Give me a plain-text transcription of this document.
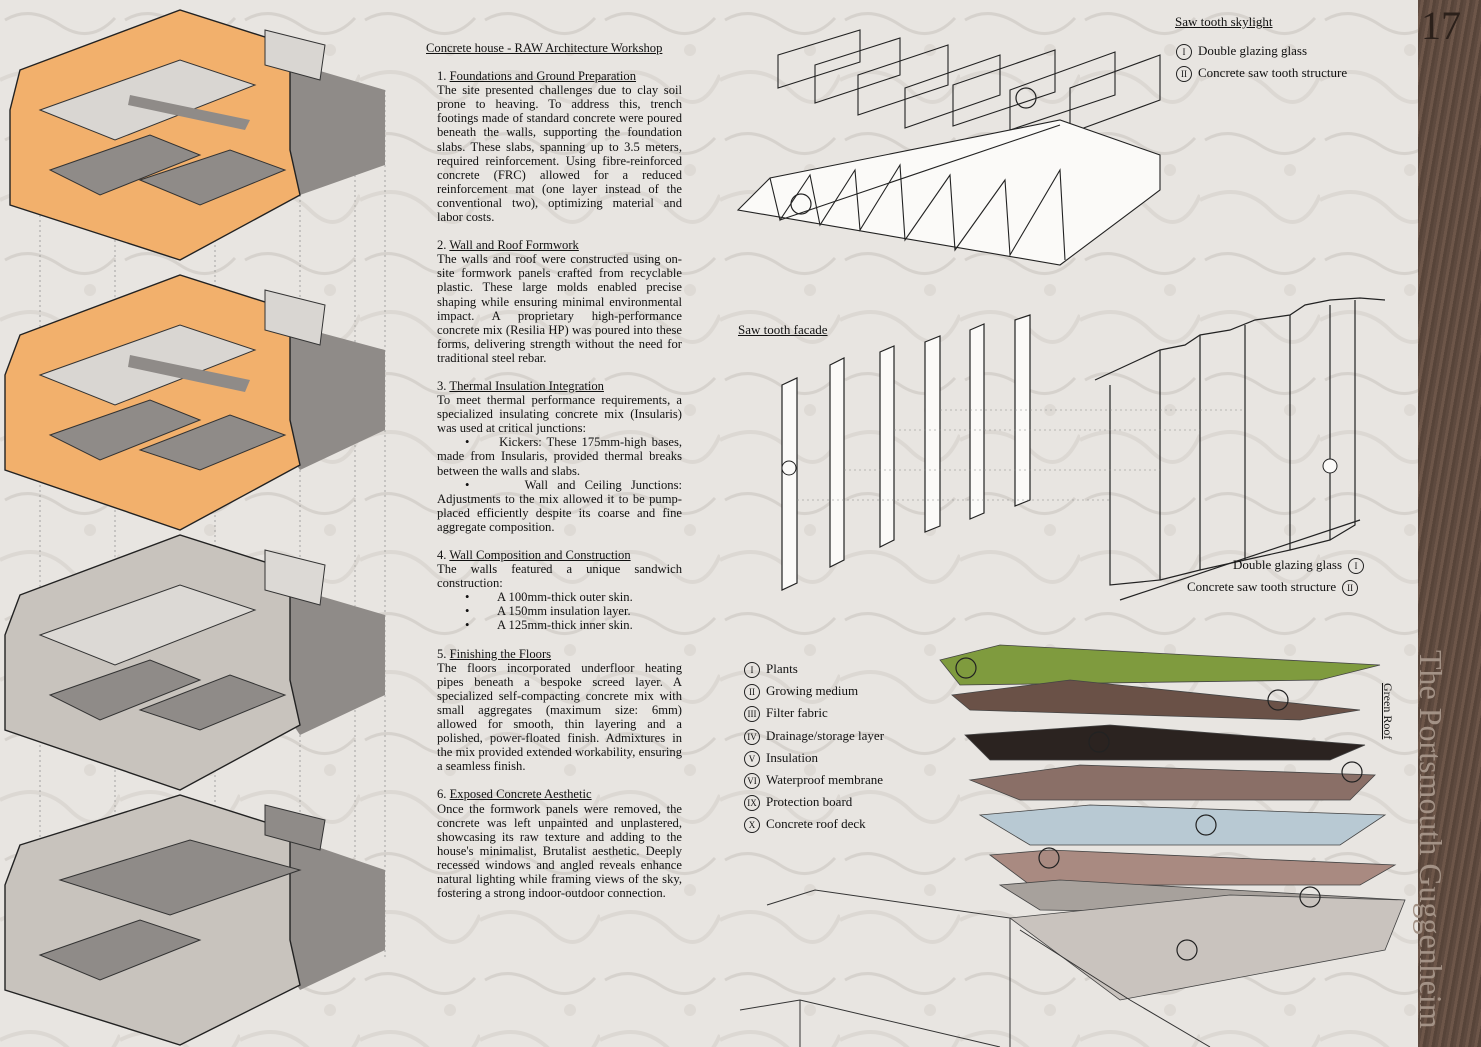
Concrete house - RAW Architecture Workshop

1. Foundations and Ground Preparation

The site presented challenges due to clay soil prone to heaving. To address this, trench footings made of standard concrete were poured beneath the walls, supporting the foundation slabs. These slabs, spanning up to 3.5 meters, required reinforcement. Using fibre-reinforced concrete (FRC) allowed for a reduced reinforcement mat (one layer instead of the conventional two), optimizing material and labor costs.

2. Wall and Roof Formwork

The walls and roof were constructed using on-site formwork panels crafted from recyclable plastic. These large molds enabled precise shaping while ensuring minimal environmental impact. A proprietary high-performance concrete mix (Resilia HP) was poured into these forms, delivering strength without the need for traditional steel rebar.

3. Thermal Insulation Integration

To meet thermal performance requirements, a specialized insulating concrete mix (Insularis) was used at critical junctions:

•      Kickers: These 175mm-high bases, made from Insularis, provided thermal breaks between the walls and slabs.

•      Wall and Ceiling Junctions: Adjustments to the mix allowed it to be pump-placed efficiently despite its coarse and fine aggregate composition.

4. Wall Composition and Construction

The walls featured a unique sandwich construction:

• A 100mm-thick outer skin.

• A 150mm insulation layer.

• A 125mm-thick inner skin.

5. Finishing the Floors

The floors incorporated underfloor heating pipes beneath a bespoke screed layer. A specialized self-compacting concrete mix with small aggregates (maximum size: 6mm) allowed for smooth, thin layering and a polished, power-floated finish. Admixtures in the mix provided extended workability, ensuring a seamless finish.

6. Exposed Concrete Aesthetic

Once the formwork panels were removed, the concrete was left unpainted and unplastered, showcasing its raw texture and adding to the house's minimalist, Brutalist aesthetic. Deeply recessed windows and angled reveals enhance natural lighting while framing views of the sky, fostering a strong indoor-outdoor connection.

Saw tooth skylight
I Double glazing glass
II Concrete saw tooth structure
Saw tooth facade
Double glazing glass I
Concrete saw tooth structure II
I Plants
II Growing medium
III Filter fabric
IV Drainage/storage layer
V Insulation
VI Waterproof membrane
IX Protection board
X Concrete roof deck
Green Roof
17
The Portsmouth Guggenheim
